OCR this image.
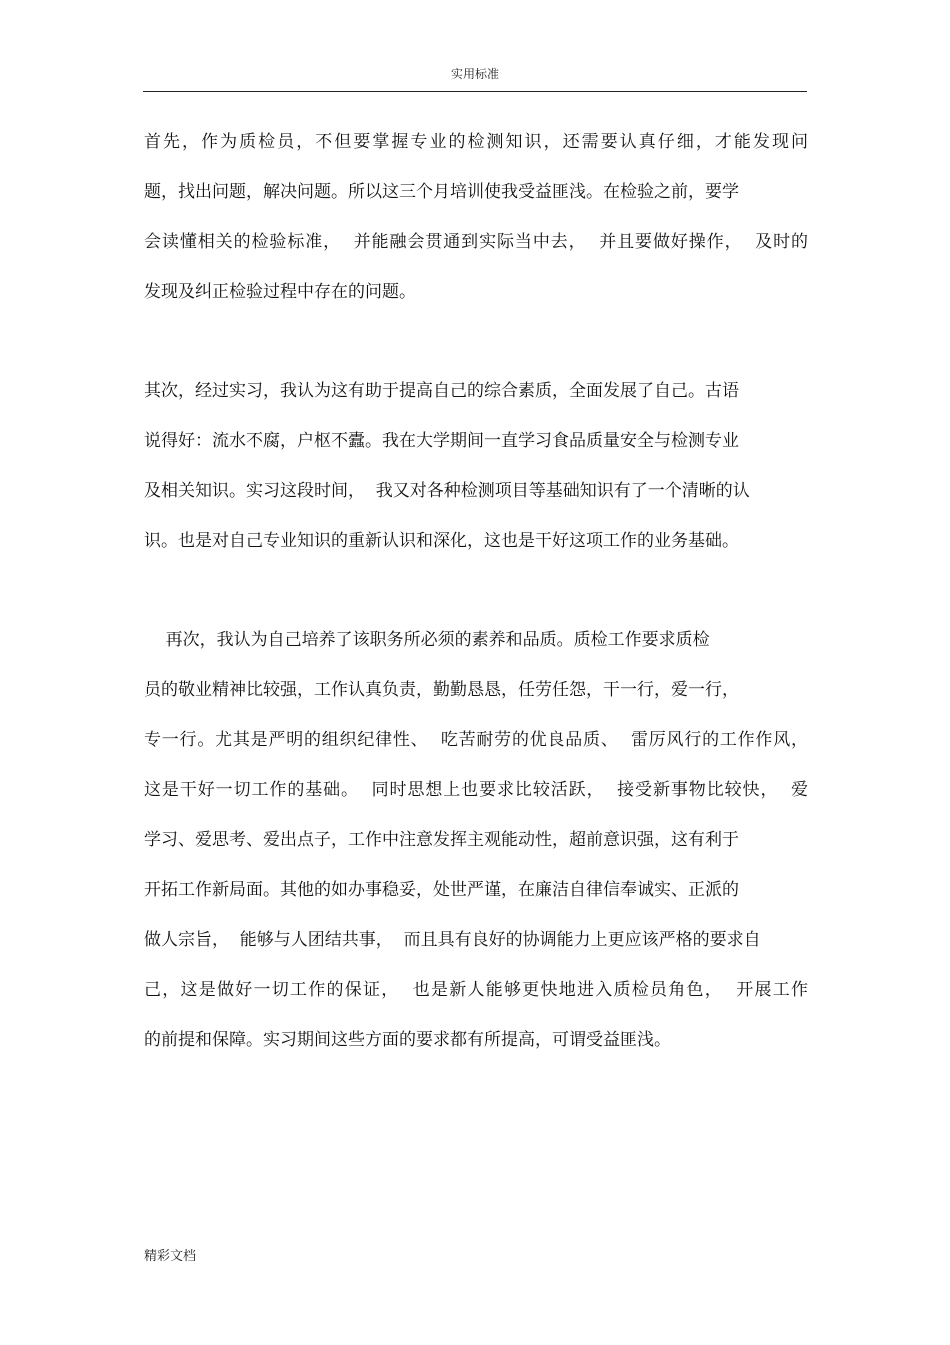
实用标准
首先，作为质检员，不但要掌握专业的检测知识，还需要认真仔细，才能发现问
题，找出问题，解决问题。所以这三个月培训使我受益匪浅。在检验之前，要学
会读懂相关的检验标准，  并能融会贯通到实际当中去，  并且要做好操作，  及时的
发现及纠正检验过程中存在的问题。
其次，经过实习，我认为这有助于提高自己的综合素质，全面发展了自己。古语
说得好：流水不腐，户枢不蠹。我在大学期间一直学习食品质量安全与检测专业
及相关知识。实习这段时间，  我又对各种检测项目等基础知识有了一个清晰的认
识。也是对自己专业知识的重新认识和深化，这也是干好这项工作的业务基础。
再次，我认为自己培养了该职务所必须的素养和品质。质检工作要求质检
员的敬业精神比较强，工作认真负责，勤勤恳恳，任劳任怨，干一行，爱一行，
专一行。尤其是严明的组织纪律性、  吃苦耐劳的优良品质、  雷厉风行的工作作风，
这是干好一切工作的基础。  同时思想上也要求比较活跃，  接受新事物比较快，  爱
学习、爱思考、爱出点子，工作中注意发挥主观能动性，超前意识强，这有利于
开拓工作新局面。其他的如办事稳妥，处世严谨，在廉洁自律信奉诚实、正派的
做人宗旨，  能够与人团结共事，  而且具有良好的协调能力上更应该严格的要求自
己，这是做好一切工作的保证，  也是新人能够更快地进入质检员角色，  开展工作
的前提和保障。实习期间这些方面的要求都有所提高，可谓受益匪浅。
精彩文档
